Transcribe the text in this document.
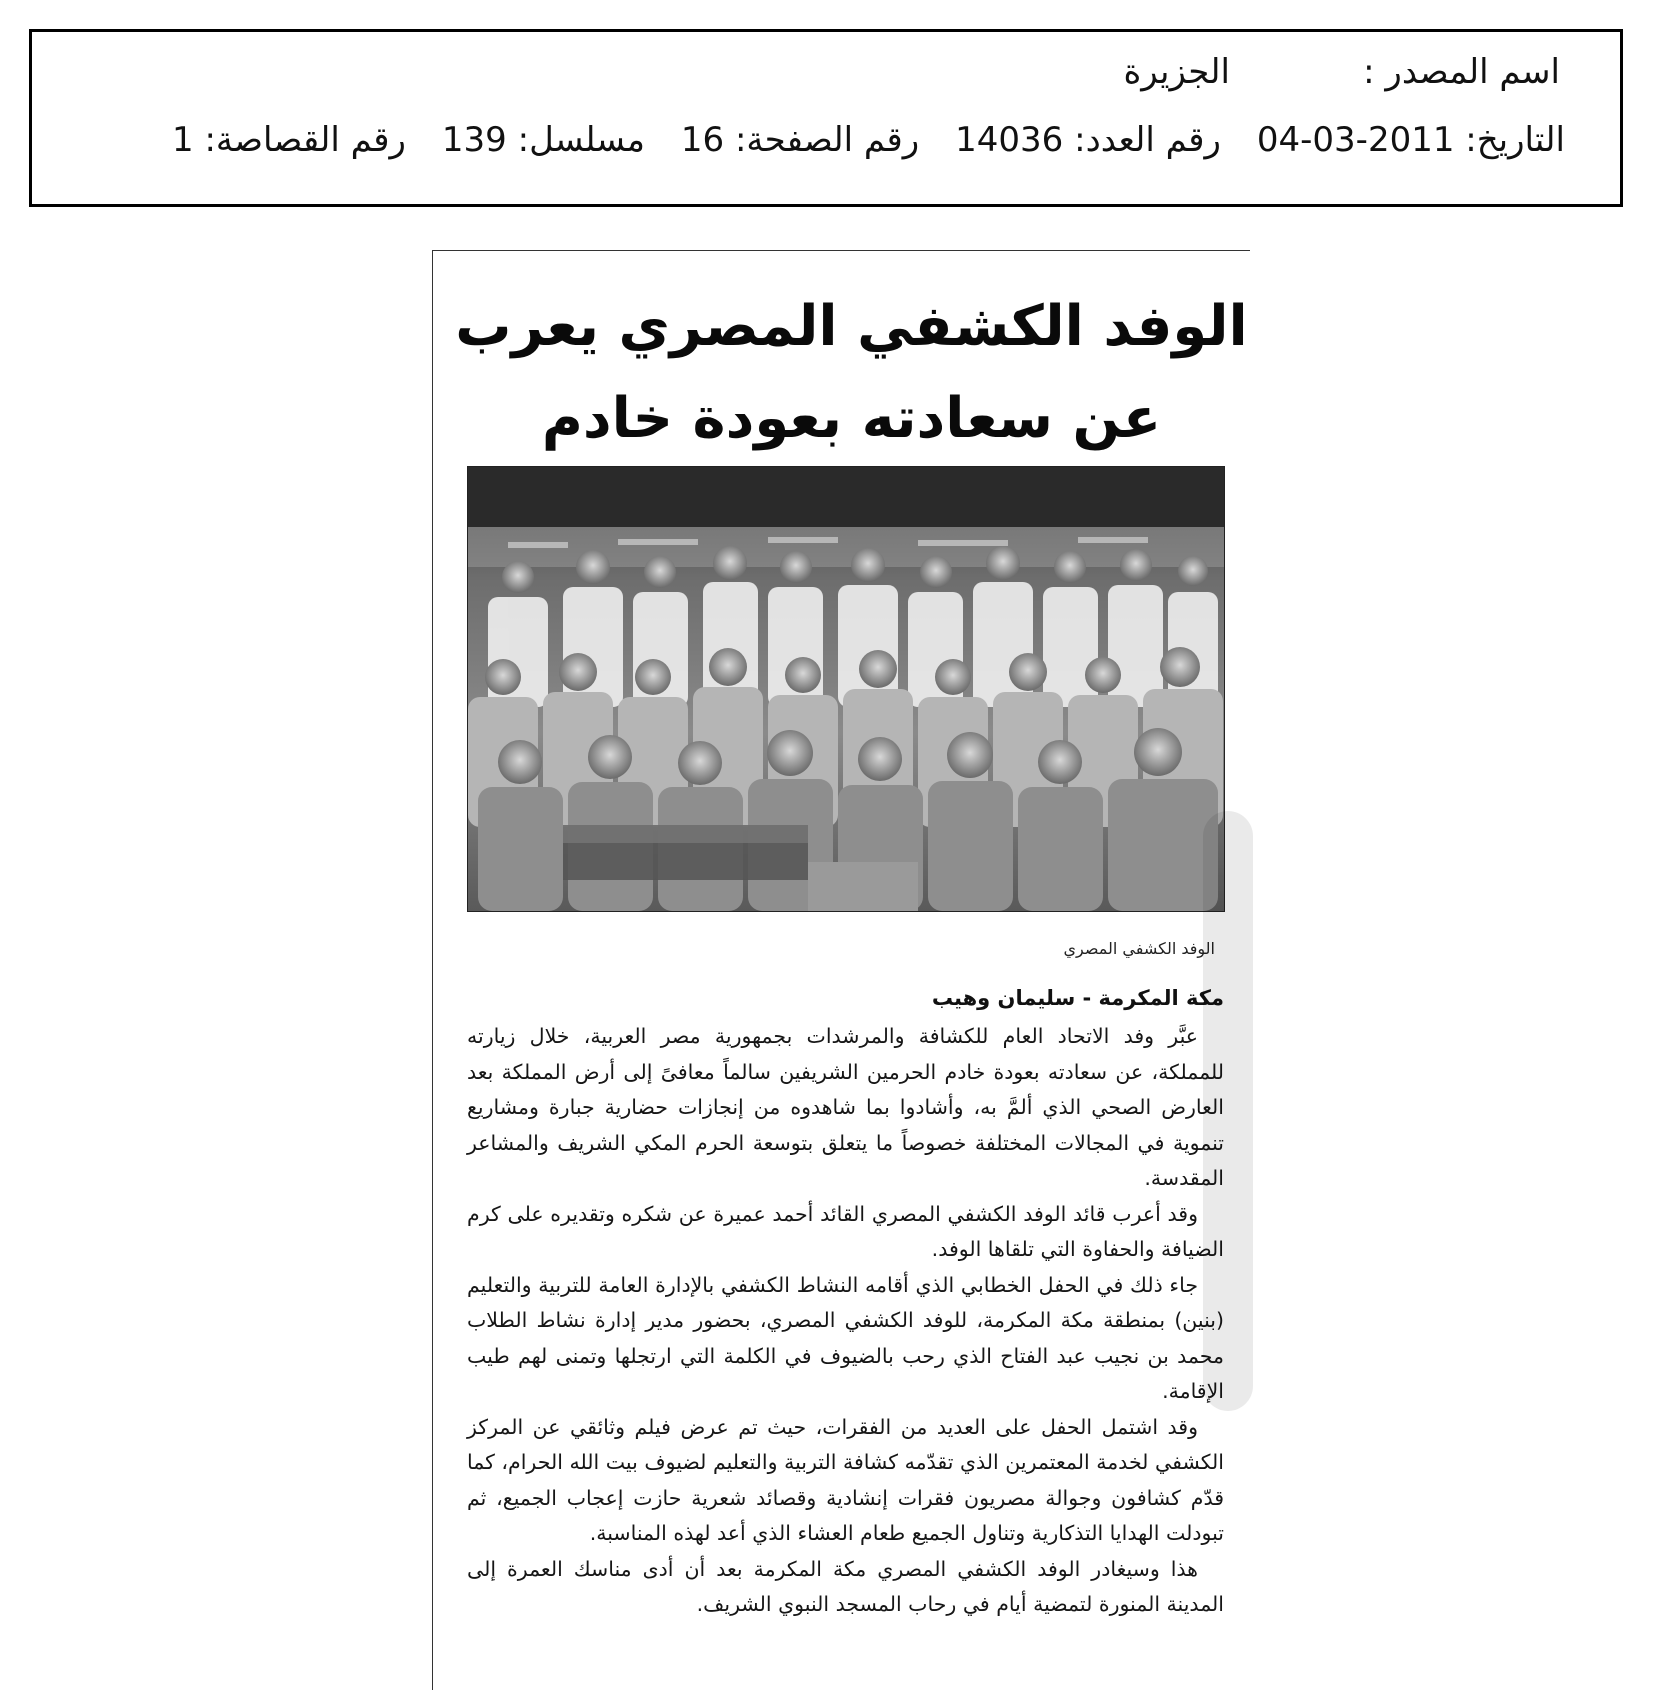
اسم المصدر :
الجزيرة
التاريخ: 2011-03-04
رقم العدد: 14036
رقم الصفحة: 16
مسلسل: 139
رقم القصاصة: 1
الوفد الكشفي المصري يعرب
عن سعادته بعودة خادم
الوفد الكشفي المصري
مكة المكرمة - سليمان وهيب

عبَّر وفد الاتحاد العام للكشافة والمرشدات بجمهورية مصر العربية، خلال زيارته للمملكة، عن سعادته بعودة خادم الحرمين الشريفين سالماً معافىً إلى أرض المملكة بعد العارض الصحي الذي ألمَّ به، وأشادوا بما شاهدوه من إنجازات حضارية جبارة ومشاريع تنموية في المجالات المختلفة خصوصاً ما يتعلق بتوسعة الحرم المكي الشريف والمشاعر المقدسة.

وقد أعرب قائد الوفد الكشفي المصري القائد أحمد عميرة عن شكره وتقديره على كرم الضيافة والحفاوة التي تلقاها الوفد.

جاء ذلك في الحفل الخطابي الذي أقامه النشاط الكشفي بالإدارة العامة للتربية والتعليم (بنين) بمنطقة مكة المكرمة، للوفد الكشفي المصري، بحضور مدير إدارة نشاط الطلاب محمد بن نجيب عبد الفتاح الذي رحب بالضيوف في الكلمة التي ارتجلها وتمنى لهم طيب الإقامة.

وقد اشتمل الحفل على العديد من الفقرات، حيث تم عرض فيلم وثائقي عن المركز الكشفي لخدمة المعتمرين الذي تقدّمه كشافة التربية والتعليم لضيوف بيت الله الحرام، كما قدّم كشافون وجوالة مصريون فقرات إنشادية وقصائد شعرية حازت إعجاب الجميع، ثم تبودلت الهدايا التذكارية وتناول الجميع طعام العشاء الذي أعد لهذه المناسبة.

هذا وسيغادر الوفد الكشفي المصري مكة المكرمة بعد أن أدى مناسك العمرة إلى المدينة المنورة لتمضية أيام في رحاب المسجد النبوي الشريف.
